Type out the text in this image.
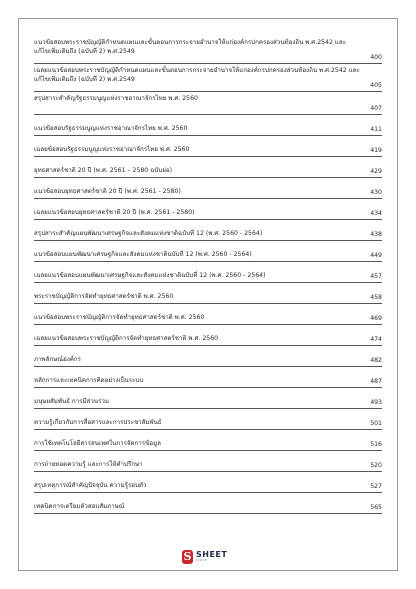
แนวข้อสอบพระราชบัญญัติกำหนดแผนและขั้นตอนการกระจายอำนาจให้แก่องค์กรปกครองส่วนท้องถิ่น พ.ศ.2542 และแก้ไขเพิ่มเติมถึง (ฉบับที่ 2) พ.ศ.2549
400
เฉลยแนวข้อสอบพระราชบัญญัติกำหนดแผนและขั้นตอนการกระจายอำนาจให้แก่องค์กรปกครองส่วนท้องถิ่น พ.ศ.2542 และแก้ไขเพิ่มเติมถึง (ฉบับที่ 2) พ.ศ.2549
405
สรุปสาระสำคัญรัฐธรรมนูญแห่งราชอาณาจักรไทย พ.ศ. 2560
407
แนวข้อสอบรัฐธรรมนูญแห่งราชอาณาจักรไทย พ.ศ. 2560	411
เฉลยข้อสอบรัฐธรรมนูญแห่งราชอาณาจักรไทย พ.ศ. 2560	419
ยุทธศาสตร์ชาติ 20 ปี (พ.ศ. 2561 – 2580 ฉบับย่อ)	429
แนวข้อสอบยุทธศาสตร์ชาติ 20 ปี (พ.ศ. 2561 - 2580)	430
เฉลยแนวข้อสอบยุทธศาสตร์ชาติ 20 ปี (พ.ศ. 2561 - 2580)	434
สรุปสาระสำคัญแผนพัฒนาเศรษฐกิจและสังคมแห่งชาติฉบับที่ 12 (พ.ศ. 2560 - 2564)	438
แนวข้อสอบแผนพัฒนาเศรษฐกิจและสังคมแห่งชาติฉบับที่ 12 (พ.ศ. 2560 - 2564)	449
เฉลยแนวข้อสอบแผนพัฒนาเศรษฐกิจและสังคมแห่งชาติฉบับที่ 12 (พ.ศ. 2560 - 2564)	457
พระราชบัญญัติการจัดทำยุทธศาสตร์ชาติ พ.ศ. 2560	458
แนวข้อสอบพระราชบัญญัติการจัดทำยุทธศาสตร์ชาติ พ.ศ. 2560	469
เฉลยแนวข้อสอบพระราชบัญญัติการจัดทำยุทธศาสตร์ชาติ พ.ศ. 2560	474
ภาพลักษณ์องค์กร	482
หลักการและเทคนิคการคิดอย่างเป็นระบบ	487
มนุษยสัมพันธ์ การมีส่วนร่วม	493
ความรู้เกี่ยวกับการสื่อสารและการประชาสัมพันธ์	501
การใช้เทคโนโลยีสารสนเทศในการจัดการข้อมูล	516
การถ่ายทอดความรู้ และการให้คำปรึกษา	520
สรุปเหตุการณ์สำคัญปัจจุบัน ความรู้รอบตัว	527
เทคนิคการเตรียมตัวสอบสัมภาษณ์	565
S SHEET
store
